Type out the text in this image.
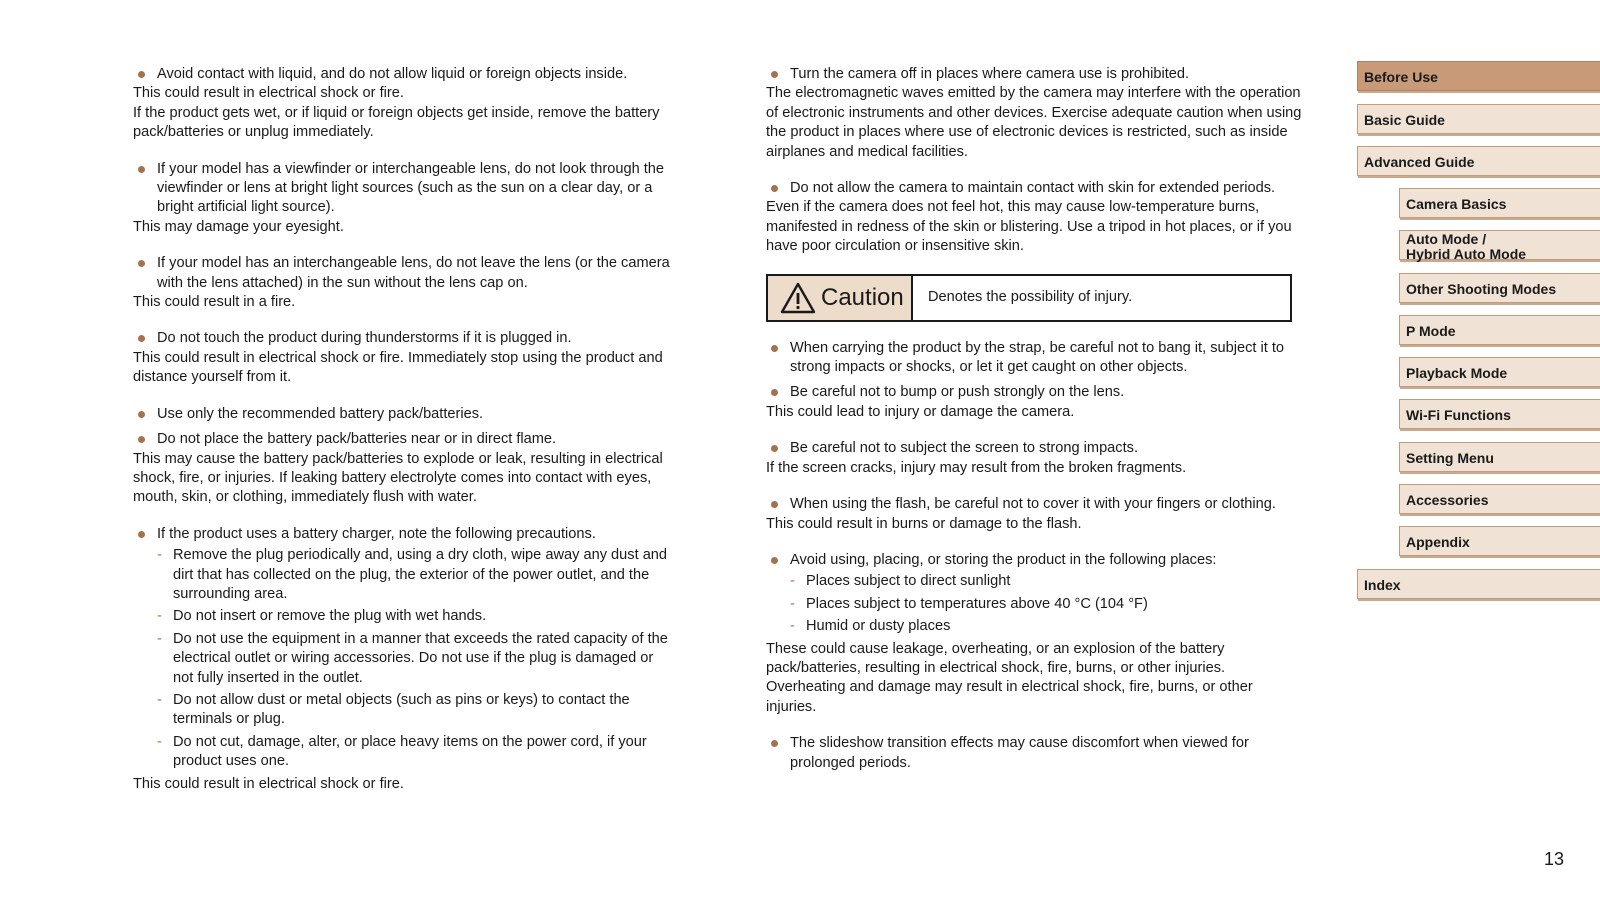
Avoid contact with liquid, and do not allow liquid or foreign objects inside.

This could result in electrical shock or fire.

If the product gets wet, or if liquid or foreign objects get inside, remove the battery pack/batteries or unplug immediately.

If your model has a viewfinder or interchangeable lens, do not look through the viewfinder or lens at bright light sources (such as the sun on a clear day, or a bright artificial light source).

This may damage your eyesight.

If your model has an interchangeable lens, do not leave the lens (or the camera with the lens attached) in the sun without the lens cap on.

This could result in a fire.

Do not touch the product during thunderstorms if it is plugged in.

This could result in electrical shock or fire. Immediately stop using the product and distance yourself from it.

Use only the recommended battery pack/batteries.
Do not place the battery pack/batteries near or in direct flame.

This may cause the battery pack/batteries to explode or leak, resulting in electrical shock, fire, or injuries. If leaking battery electrolyte comes into contact with eyes, mouth, skin, or clothing, immediately flush with water.

If the product uses a battery charger, note the following precautions.
- Remove the plug periodically and, using a dry cloth, wipe away any dust and dirt that has collected on the plug, the exterior of the power outlet, and the surrounding area.
- Do not insert or remove the plug with wet hands.
- Do not use the equipment in a manner that exceeds the rated capacity of the electrical outlet or wiring accessories. Do not use if the plug is damaged or not fully inserted in the outlet.
- Do not allow dust or metal objects (such as pins or keys) to contact the terminals or plug.
- Do not cut, damage, alter, or place heavy items on the power cord, if your product uses one.

This could result in electrical shock or fire.

Turn the camera off in places where camera use is prohibited.

The electromagnetic waves emitted by the camera may interfere with the operation of electronic instruments and other devices. Exercise adequate caution when using the product in places where use of electronic devices is restricted, such as inside airplanes and medical facilities.

Do not allow the camera to maintain contact with skin for extended periods.

Even if the camera does not feel hot, this may cause low-temperature burns, manifested in redness of the skin or blistering. Use a tripod in hot places, or if you have poor circulation or insensitive skin.

Caution	Denotes the possibility of injury.
When carrying the product by the strap, be careful not to bang it, subject it to strong impacts or shocks, or let it get caught on other objects.
Be careful not to bump or push strongly on the lens.

This could lead to injury or damage the camera.

Be careful not to subject the screen to strong impacts.

If the screen cracks, injury may result from the broken fragments.

When using the flash, be careful not to cover it with your fingers or clothing.

This could result in burns or damage to the flash.

Avoid using, placing, or storing the product in the following places:
- Places subject to direct sunlight
- Places subject to temperatures above 40 °C (104 °F)
- Humid or dusty places

These could cause leakage, overheating, or an explosion of the battery pack/batteries, resulting in electrical shock, fire, burns, or other injuries. Overheating and damage may result in electrical shock, fire, burns, or other injuries.

The slideshow transition effects may cause discomfort when viewed for prolonged periods.
Before Use
Basic Guide
Advanced Guide
Camera Basics
Auto Mode /
Hybrid Auto Mode
Other Shooting Modes
P Mode
Playback Mode
Wi-Fi Functions
Setting Menu
Accessories
Appendix
Index
13
